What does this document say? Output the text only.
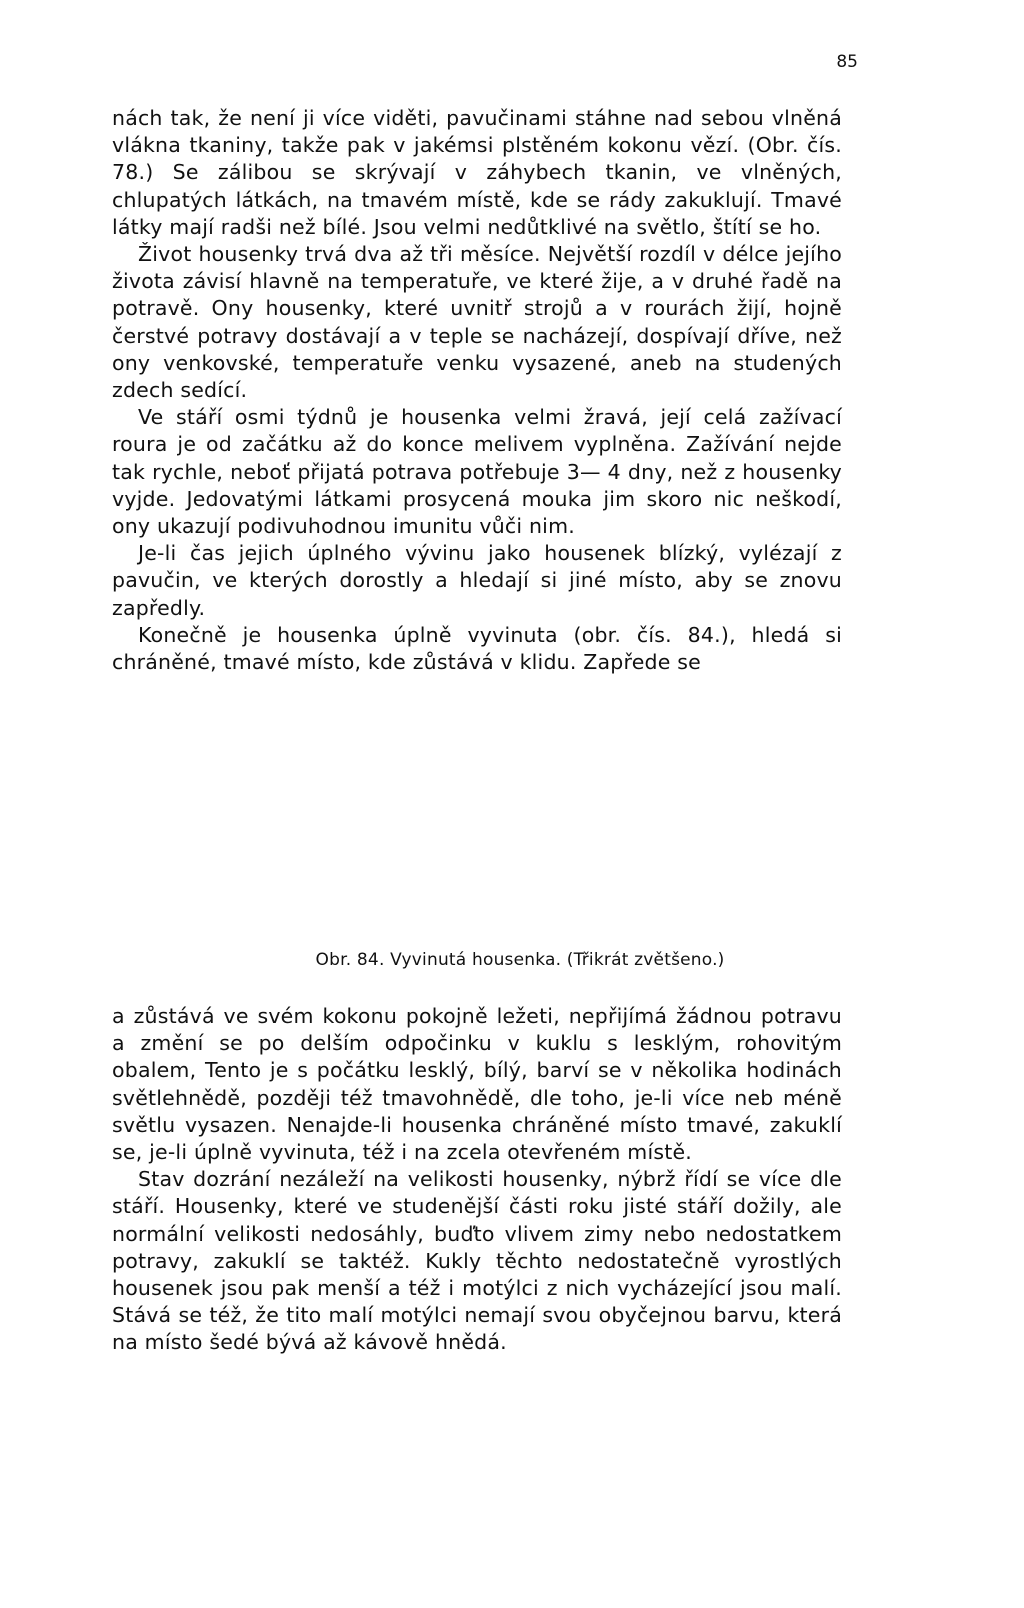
85

nách tak, že není ji více viděti, pavučinami stáhne nad sebou vlněná vlákna tkaniny, takže pak v jakémsi plstěném kokonu vězí. (Obr. čís. 78.) Se zálibou se skrývají v záhybech tkanin, ve vlněných, chlupatých látkách, na tmavém místě, kde se rády zakuklují. Tmavé látky mají radši než bílé. Jsou velmi nedůtklivé na světlo, štítí se ho.

Život housenky trvá dva až tři měsíce. Největší rozdíl v délce jejího života závisí hlavně na temperatuře, ve které žije, a v druhé řadě na potravě. Ony housenky, které uvnitř strojů a v rourách žijí, hojně čerstvé potravy dostávají a v teple se nacházejí, dospívají dříve, než ony venkovské, temperatuře venku vysazené, aneb na studených zdech sedící.

Ve stáří osmi týdnů je housenka velmi žravá, její celá zažívací roura je od začátku až do konce melivem vyplněna. Zažívání nejde tak rychle, neboť přijatá potrava potřebuje 3— 4 dny, než z housenky vyjde. Jedovatými látkami prosycená mouka jim skoro nic neškodí, ony ukazují podivuhodnou imunitu vůči nim.

Je-li čas jejich úplného vývinu jako housenek blízký, vylézají z pavučin, ve kterých dorostly a hledají si jiné místo, aby se znovu zapředly.

Konečně je housenka úplně vyvinuta (obr. čís. 84.), hledá si chráněné, tmavé místo, kde zůstává v klidu. Zapřede se

Obr. 84. Vyvinutá housenka. (Třikrát zvětšeno.)

a zůstává ve svém kokonu pokojně ležeti, nepřijímá žádnou potravu a změní se po delším odpočinku v kuklu s lesklým, rohovitým obalem, Tento je s počátku lesklý, bílý, barví se v několika hodinách světlehnědě, později též tmavohnědě, dle toho, je-li více neb méně světlu vysazen. Nenajde-li housenka chráněné místo tmavé, zakuklí se, je-li úplně vyvinuta, též i na zcela otevřeném místě.

Stav dozrání nezáleží na velikosti housenky, nýbrž řídí se více dle stáří. Housenky, které ve studenější části roku jisté stáří dožily, ale normální velikosti nedosáhly, buďto vlivem zimy nebo nedostatkem potravy, zakuklí se taktéž. Kukly těchto nedostatečně vyrostlých housenek jsou pak menší a též i motýlci z nich vycházející jsou malí. Stává se též, že tito malí motýlci nemají svou obyčejnou barvu, která na místo šedé bývá až kávově hnědá.
